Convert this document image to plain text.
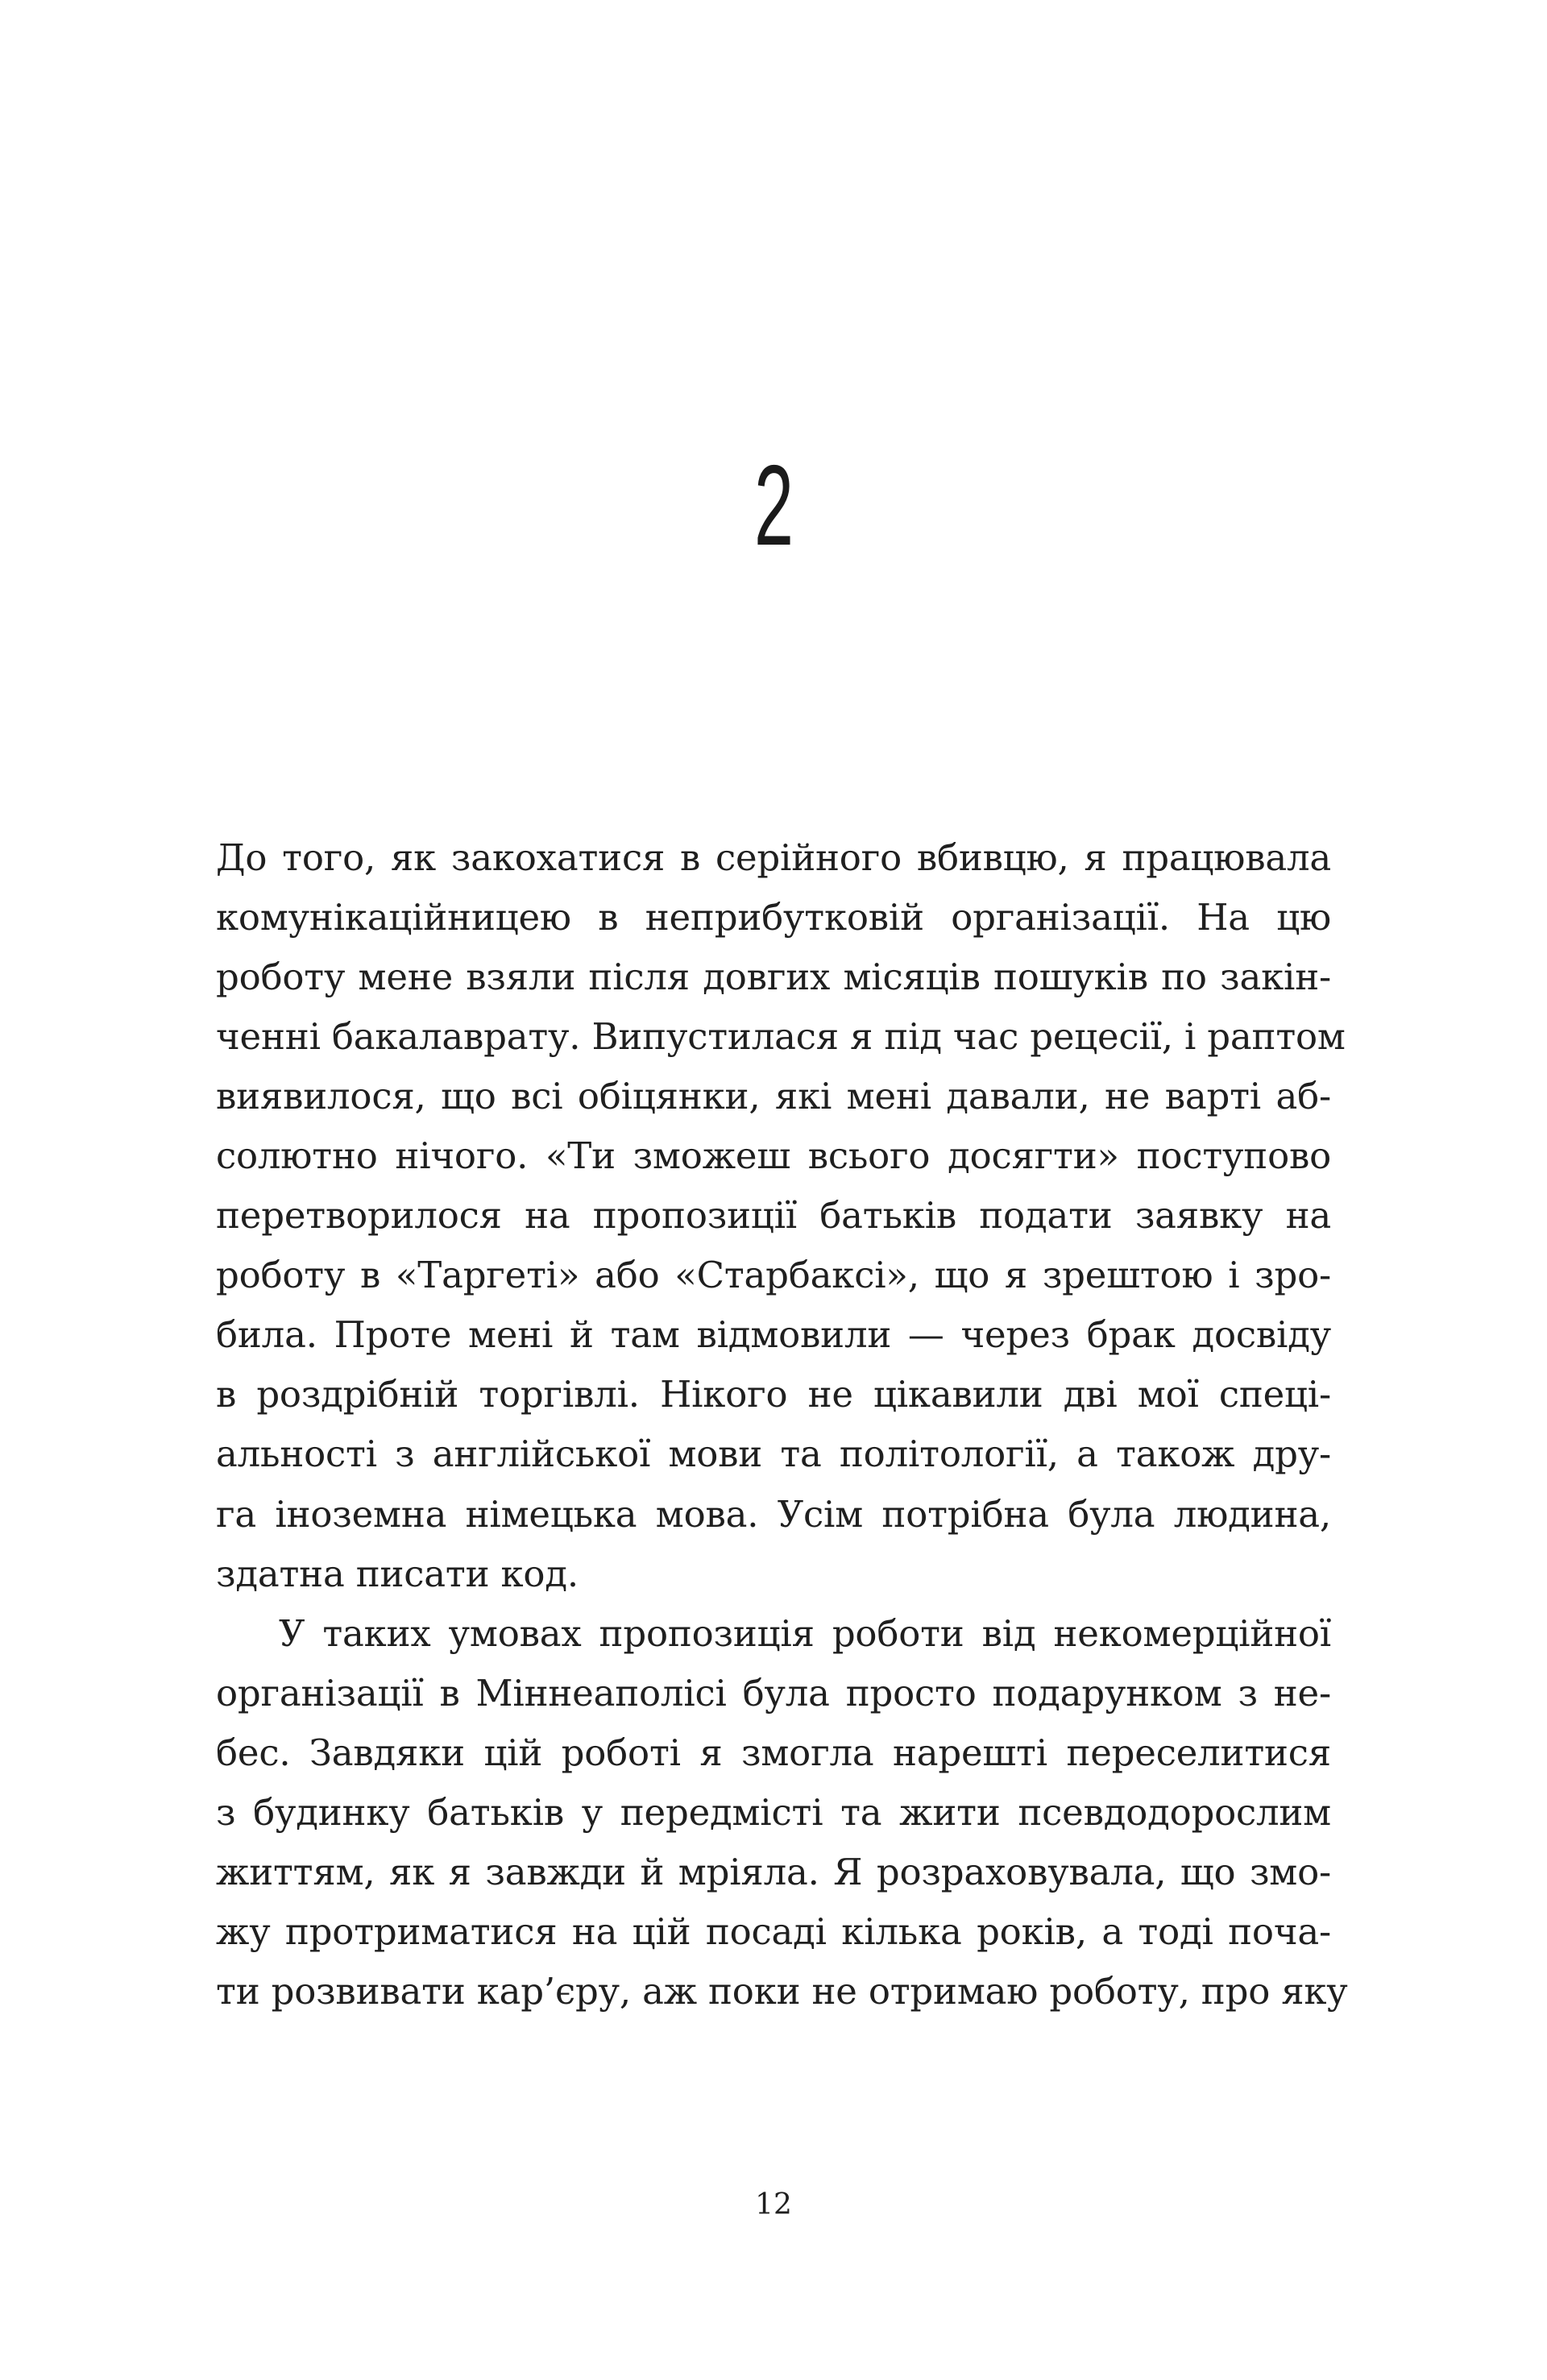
2
До того, як закохатися в серійного вбивцю, я працювала
комунікаційницею в неприбутковій організації. На цю
роботу мене взяли після довгих місяців пошуків по закін-
ченні бакалаврату. Випустилася я під час рецесії, і раптом
виявилося, що всі обіцянки, які мені давали, не варті аб-
солютно нічого. «Ти зможеш всього досягти» поступово
перетворилося на пропозиції батьків подати заявку на
роботу в «Таргеті» або «Старбаксі», що я зрештою і зро-
била. Проте мені й там відмовили — через брак досвіду
в роздрібній торгівлі. Нікого не цікавили дві мої спеці-
альності з англійської мови та політології, а також дру-
га іноземна німецька мова. Усім потрібна була людина,
здатна писати код.
У таких умовах пропозиція роботи від некомерційної
організації в Міннеаполісі була просто подарунком з не-
бес. Завдяки цій роботі я змогла нарешті переселитися
з будинку батьків у передмісті та жити псевдодорослим
життям, як я завжди й мріяла. Я розраховувала, що змо-
жу протриматися на цій посаді кілька років, а тоді поча-
ти розвивати кар’єру, аж поки не отримаю роботу, про яку
12
